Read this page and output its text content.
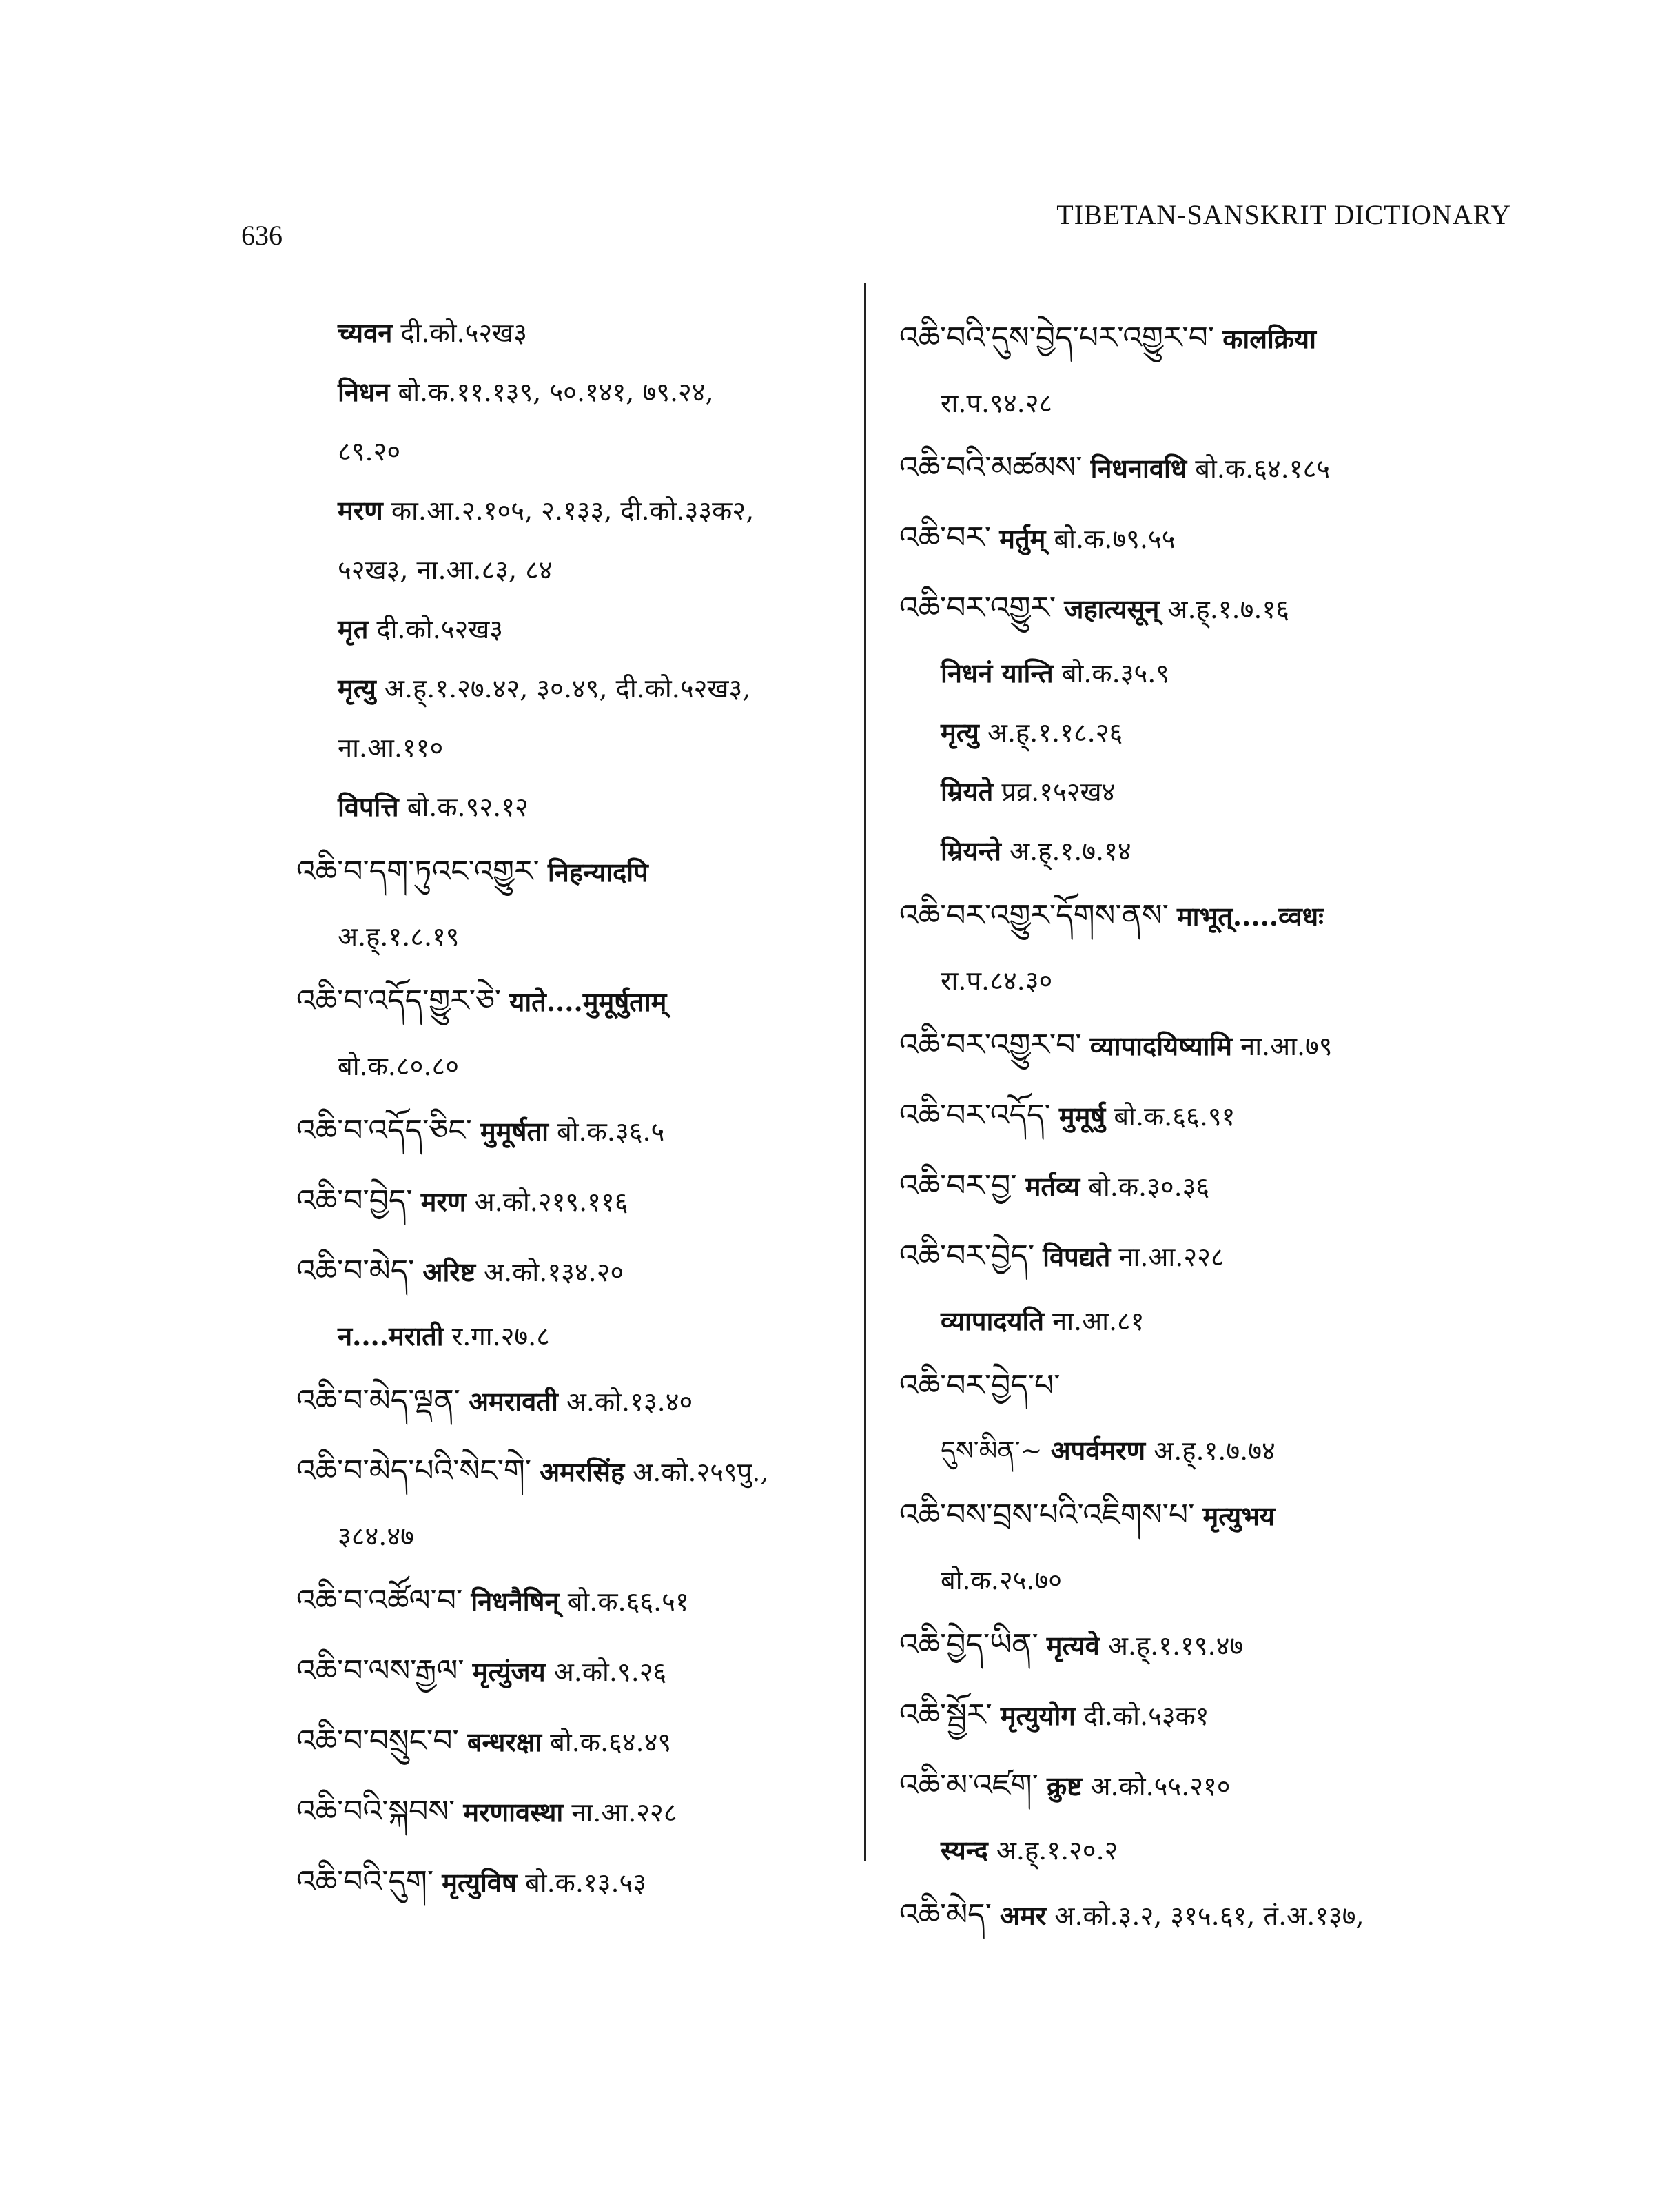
636
TIBETAN-SANSKRIT DICTIONARY
च्यवन दी.को.५२ख३
निधन बो.क.११.१३९, ५०.१४१, ७९.२४,
८९.२०
मरण का.आ.२.१०५, २.१३३, दी.को.३३क२,
५२ख३, ना.आ.८३, ८४
मृत दी.को.५२ख३
मृत्यु अ.ह्.१.२७.४२, ३०.४९, दी.को.५२ख३,
ना.आ.११०
विपत्ति बो.क.९२.१२
འཆི་བ་དག་ཏུའང་འགྱུར་ निहन्यादपि
अ.ह्.१.८.१९
འཆི་བ་འདོད་གྱུར་ཅེ་ याते....मुमूर्षुताम्
बो.क.८०.८०
འཆི་བ་འདོད་ཅིང་ मुमूर्षता बो.क.३६.५
འཆི་བ་བྱེད་ मरण अ.को.२१९.११६
འཆི་བ་མེད་ अरिष्ट अ.को.१३४.२०
न....मराती र.गा.२७.८
འཆི་བ་མེད་ལྡན་ अमरावती अ.को.१३.४०
འཆི་བ་མེད་པའི་སེང་གེ་ अमरसिंह अ.को.२५९पु.,
३८४.४७
འཆི་བ་འཚོལ་བ་ निधनैषिन् बो.क.६६.५१
འཆི་བ་ལས་རྒྱལ་ मृत्युंजय अ.को.९.२६
འཆི་བ་བསྲུང་བ་ बन्धरक्षा बो.क.६४.४९
འཆི་བའི་སྐབས་ मरणावस्था ना.आ.२२८
འཆི་བའི་དུག་ मृत्युविष बो.क.१३.५३
འཆི་བའི་དུས་བྱེད་པར་འགྱུར་བ་ कालक्रिया
रा.प.९४.२८
འཆི་བའི་མཚམས་ निधनावधि बो.क.६४.१८५
འཆི་བར་ मर्तुम् बो.क.७९.५५
འཆི་བར་འགྱུར་ जहात्यसून् अ.ह्.१.७.१६
निधनं यान्ति बो.क.३५.९
मृत्यु अ.ह्.१.१८.२६
म्रियते प्रव्र.१५२ख४
म्रियन्ते अ.ह्.१.७.१४
འཆི་བར་འགྱུར་དོགས་ནས་ माभूत्.....व्वधः
रा.प.८४.३०
འཆི་བར་འགྱུར་བ་ व्यापादयिष्यामि ना.आ.७९
འཆི་བར་འདོད་ मुमूर्षु बो.क.६६.९१
འཆི་བར་བྱ་ मर्तव्य बो.क.३०.३६
འཆི་བར་བྱེད་ विपद्यते ना.आ.२२८
व्यापादयति ना.आ.८१
འཆི་བར་བྱེད་པ་
དུས་མིན་~ अपर्वमरण अ.ह्.१.७.७४
འཆི་བས་བྲས་པའི་འཇིགས་པ་ मृत्युभय
बो.क.२५.७०
འཆི་བྱེད་ཡིན་ मृत्यवे अ.ह्.१.१९.४७
འཆི་སྦྱོར་ मृत्युयोग दी.को.५३क१
འཆི་མ་འཛག་ क्रुष्ट अ.को.५५.२१०
स्यन्द अ.ह्.१.२०.२
འཆི་མེད་ अमर अ.को.३.२, ३१५.६१, तं.अ.१३७,
